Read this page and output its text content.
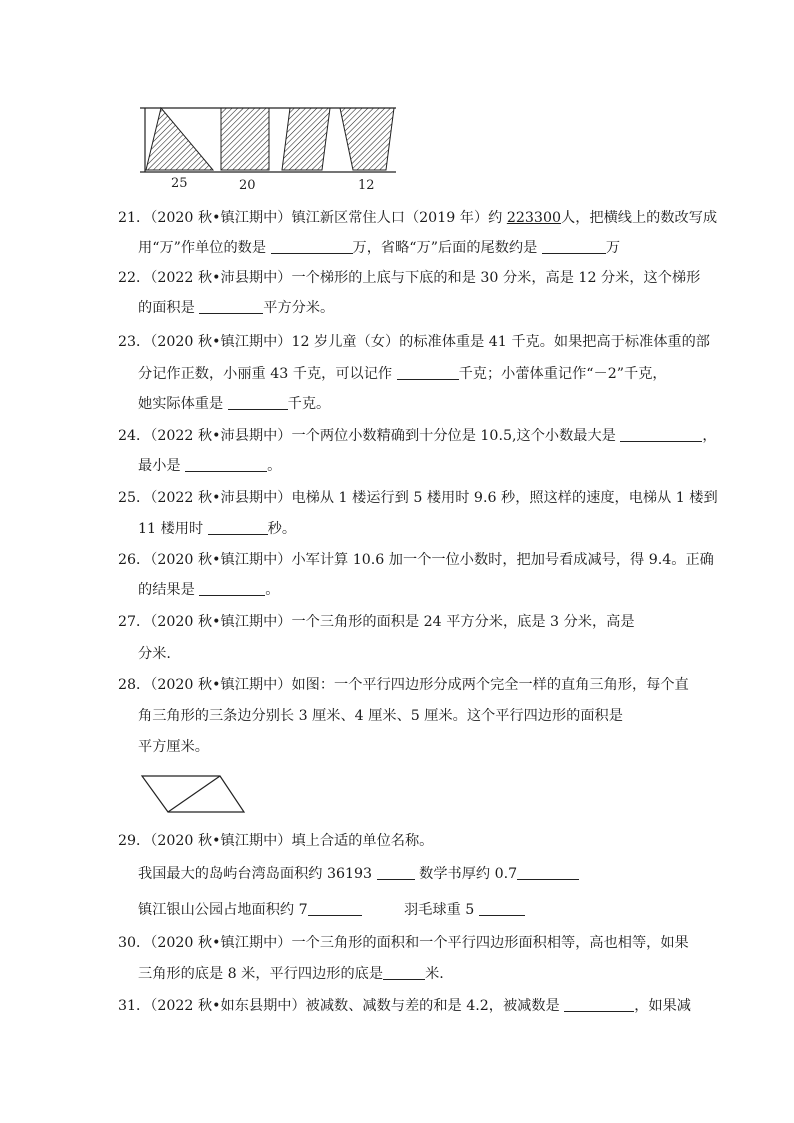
25	20	12
21．（2020 秋•镇江期中）镇江新区常住人口（2019 年）约 223300人，把横线上的数改写成
用“万”作单位的数是	万，省略“万”后面的尾数约是	万
22．（2022 秋•沛县期中）一个梯形的上底与下底的和是 30 分米，高是 12 分米，这个梯形
的面积是	平方分米。
23．（2020 秋•镇江期中）12 岁儿童（女）的标准体重是 41 千克。如果把高于标准体重的部
分记作正数，小丽重 43 千克，可以记作	千克；小蕾体重记作“－2”千克，
她实际体重是	千克。
24．（2022 秋•沛县期中）一个两位小数精确到十分位是 10.5,这个小数最大是	，
最小是	。
25．（2022 秋•沛县期中）电梯从 1 楼运行到 5 楼用时 9.6 秒，照这样的速度，电梯从 1 楼到
11 楼用时	秒。
26．（2020 秋•镇江期中）小军计算 10.6 加一个一位小数时，把加号看成减号，得 9.4。正确
的结果是	。
27．（2020 秋•镇江期中）一个三角形的面积是 24 平方分米，底是 3 分米，高是
分米.
28．（2020 秋•镇江期中）如图：一个平行四边形分成两个完全一样的直角三角形，每个直
角三角形的三条边分别长 3 厘米、4 厘米、5 厘米。这个平行四边形的面积是
平方厘米。
29．（2020 秋•镇江期中）填上合适的单位名称。
我国最大的岛屿台湾岛面积约 36193	数学书厚约 0.7
镇江银山公园占地面积约 7	羽毛球重 5
30．（2020 秋•镇江期中）一个三角形的面积和一个平行四边形面积相等，高也相等，如果
三角形的底是 8 米，平行四边形的底是	米.
31．（2022 秋•如东县期中）被减数、减数与差的和是 4.2，被减数是	，如果减
